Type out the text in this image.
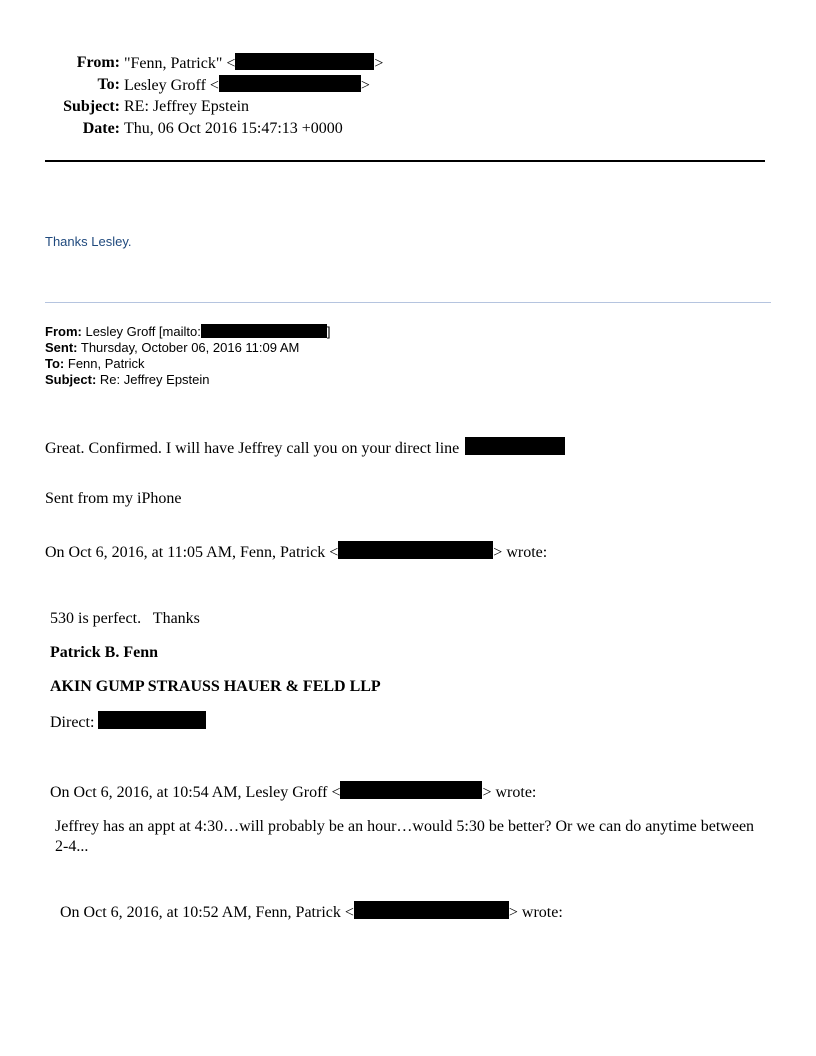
From: "Fenn, Patrick" <	>
To: Lesley Groff <	>
Subject: RE: Jeffrey Epstein
Date: Thu, 06 Oct 2016 15:47:13 +0000
Thanks Lesley.
From: Lesley Groff [mailto:	]
Sent: Thursday, October 06, 2016 11:09 AM
To: Fenn, Patrick
Subject: Re: Jeffrey Epstein
Great. Confirmed. I will have Jeffrey call you on your direct line
Sent from my iPhone
On Oct 6, 2016, at 11:05 AM, Fenn, Patrick <	> wrote:
530 is perfect.   Thanks
Patrick B. Fenn
AKIN GUMP STRAUSS HAUER & FELD LLP
Direct:
On Oct 6, 2016, at 10:54 AM, Lesley Groff <	> wrote:
Jeffrey has an appt at 4:30…will probably be an hour…would 5:30 be better? Or we can do anytime between
2-4...
On Oct 6, 2016, at 10:52 AM, Fenn, Patrick <	> wrote:
